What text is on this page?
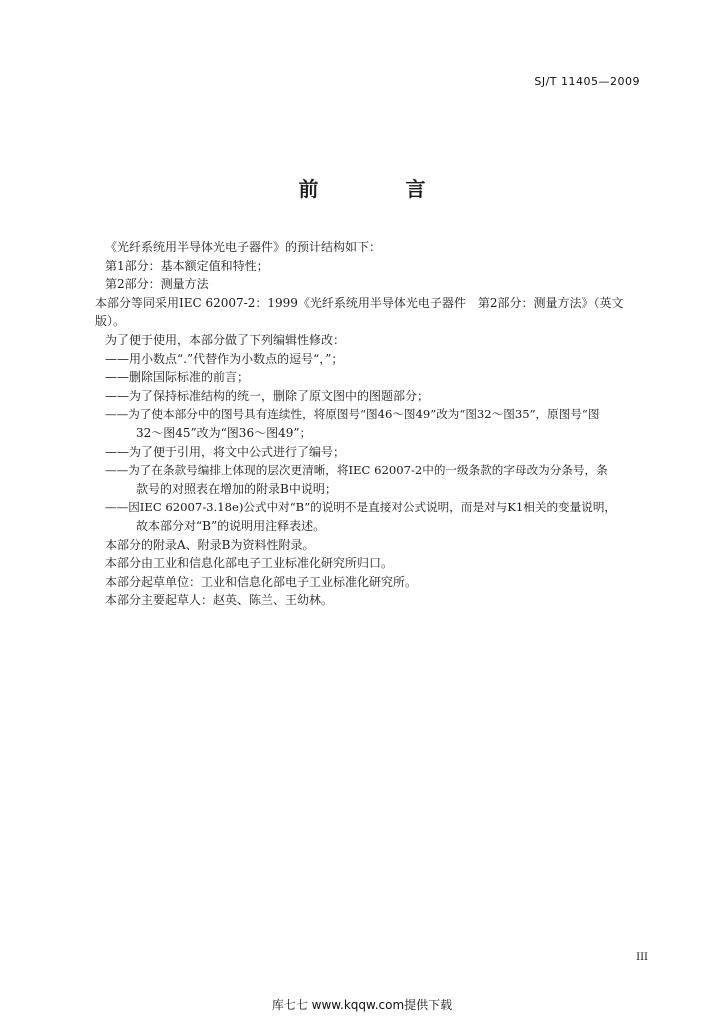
SJ/T 11405—2009
前 言
《光纤系统用半导体光电子器件》的预计结构如下：
第1部分：基本额定值和特性；
第2部分：测量方法
本部分等同采用IEC 62007-2：1999《光纤系统用半导体光电子器件　第2部分：测量方法》（英文版）。
为了便于使用，本部分做了下列编辑性修改：
——用小数点“.”代替作为小数点的逗号“，”；
——删除国际标准的前言；
——为了保持标准结构的统一，删除了原文图中的图题部分；
——为了使本部分中的图号具有连续性，将原图号“图46～图49”改为“图32～图35”，原图号“图
32～图45”改为“图36～图49”；
——为了便于引用，将文中公式进行了编号；
——为了在条款号编排上体现的层次更清晰，将IEC 62007-2中的一级条款的字母改为分条号，条
款号的对照表在增加的附录B中说明；
——因IEC 62007-3.18e)公式中对“B”的说明不是直接对公式说明，而是对与K1相关的变量说明，
故本部分对“B”的说明用注释表述。
本部分的附录A、附录B为资料性附录。
本部分由工业和信息化部电子工业标准化研究所归口。
本部分起草单位：工业和信息化部电子工业标准化研究所。
本部分主要起草人：赵英、陈兰、王幼林。
III
库七七 www.kqqw.com提供下载
